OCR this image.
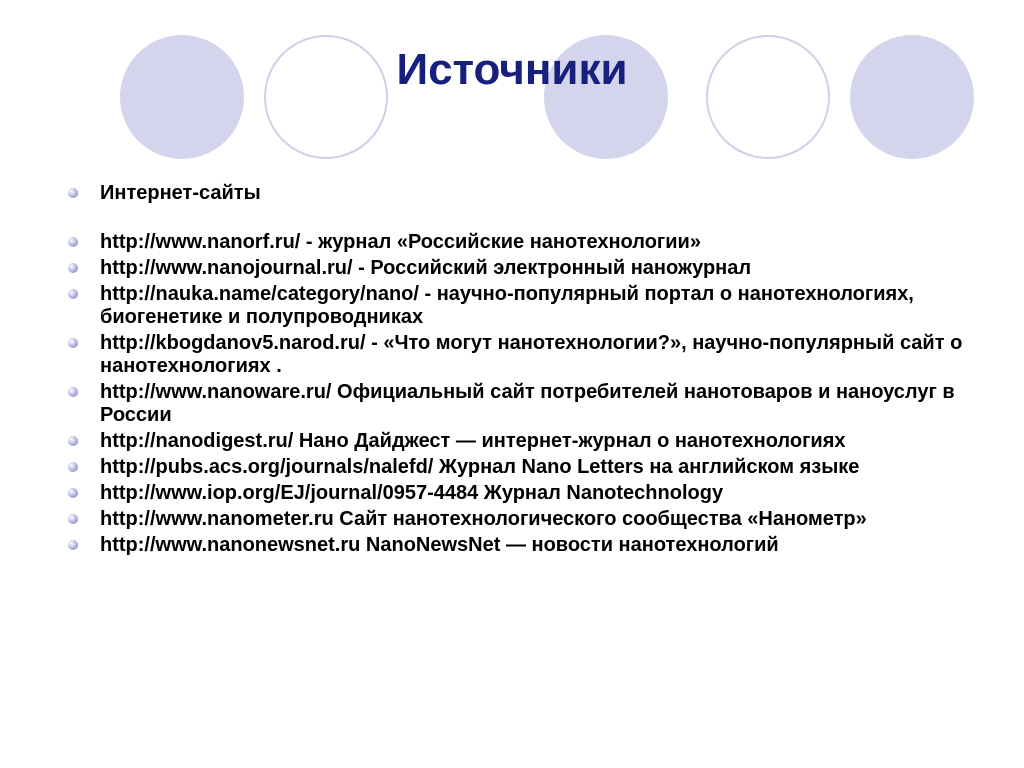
Источники
Интернет-сайты
http://www.nanorf.ru/ - журнал «Российские нанотехнологии»
http://www.nanojournal.ru/ - Российский электронный наножурнал
http://nauka.name/category/nano/ - научно-популярный портал о нанотехнологиях, биогенетике и полупроводниках
http://kbogdanov5.narod.ru/ - «Что могут нанотехнологии?», научно-популярный сайт о нанотехнологиях .
http://www.nanoware.ru/ Официальный сайт потребителей нанотоваров и наноуслуг в России
http://nanodigest.ru/ Нано Дайджест — интернет-журнал о нанотехнологиях
http://pubs.acs.org/journals/nalefd/ Журнал Nano Letters на английском языке
http://www.iop.org/EJ/journal/0957-4484 Журнал Nanotechnology
http://www.nanometer.ru Сайт нанотехнологического сообщества «Нанометр»
http://www.nanonewsnet.ru NanoNewsNet — новости нанотехнологий
